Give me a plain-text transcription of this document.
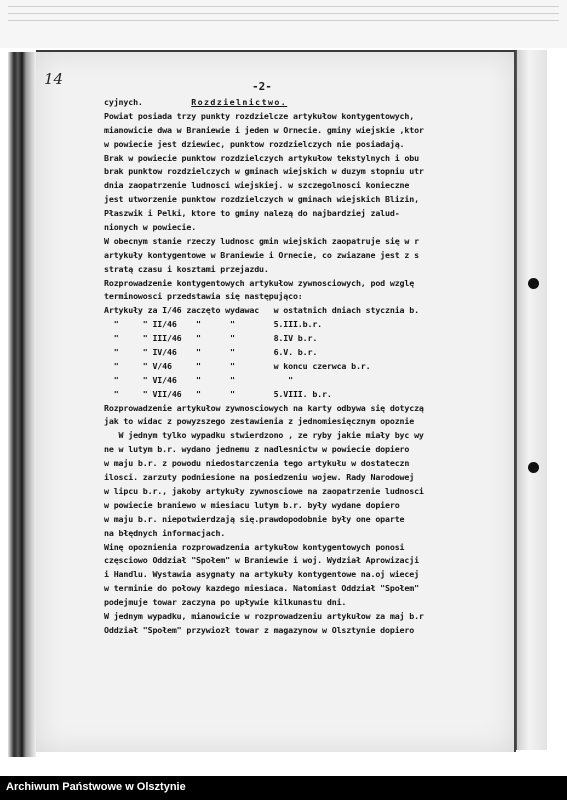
14	-2-
cyjnych.	Rozdzielnictwo.
Powiat posiada trzy punkty rozdzielcze artykułow kontygentowych,
mianowicie dwa w Braniewie i jeden w Ornecie. gminy wiejskie ,ktor
w powiecie jest dziewiec, punktow rozdzielczych nie posiadają.
Brak w powiecie punktow rozdzielczych artykułow tekstylnych i obu
brak punktow rozdzielczych w gminach wiejskich w duzym stopniu utr
dnia zaopatrzenie ludnosci wiejskiej. w szczegolnosci konieczne
jest utworzenie punktow rozdzielczych w gminach wiejskich Blizin,
Płaszwik i Pelki, ktore to gminy nalezą do najbardziej zalud-
nionych w powiecie.
W obecnym stanie rzeczy ludnosc gmin wiejskich zaopatruje się w r
artykuły kontygentowe w Braniewie i Ornecie, co zwiazane jest z s
stratą czasu i kosztami przejazdu.
Rozprowadzenie kontygentowych artykułow zywnosciowych, pod wzglę
terminowosci przedstawia się następująco:
Artykuły za I/46 zaczęto wydawac   w ostatnich dniach stycznia b.
"     " II/46    "      "        5.III.b.r.
"     " III/46   "      "        8.IV b.r.
"     " IV/46    "      "        6.V. b.r.
"     " V/46     "      "        w koncu czerwca b.r.
"     " VI/46    "      "           "
"     " VII/46   "      "        5.VIII. b.r.
Rozprowadzenie artykułow zywnosciowych na karty odbywa się dotyczą
jak to widac z powyzszego zestawienia z jednomiesięcznym opoznie
W jednym tylko wypadku stwierdzono , ze ryby jakie miały byc wy
ne w lutym b.r. wydano jednemu z nadlesnictw w powiecie dopiero
w maju b.r. z powodu niedostarczenia tego artykułu w dostateczn
ilosci. zarzuty podniesione na posiedzeniu wojew. Rady Narodowej
w lipcu b.r., jakoby artykuły zywnosciowe na zaopatrzenie ludnosci
w powiecie braniewo w miesiacu lutym b.r. były wydane dopiero
w maju b.r. niepotwierdzają się.prawdopodobnie były one oparte
na błędnych informacjach.
Winę opoznienia rozprowadzenia artykułow kontygentowych ponosi
częsciowo Oddział "Społem" w Braniewie i woj. Wydział Aprowizacji
i Handlu. Wystawia asygnaty na artykuły kontygentowe na.oj wiecej
w terminie do połowy kazdego miesiaca. Natomiast Oddział "Społem"
podejmuje towar zaczyna po upływie kilkunastu dni.
W jednym wypadku, mianowicie w rozprowadzeniu artykułow za maj b.r
Oddział "Społem" przywiozł towar z magazynow w Olsztynie dopiero
Archiwum Państwowe w Olsztynie
